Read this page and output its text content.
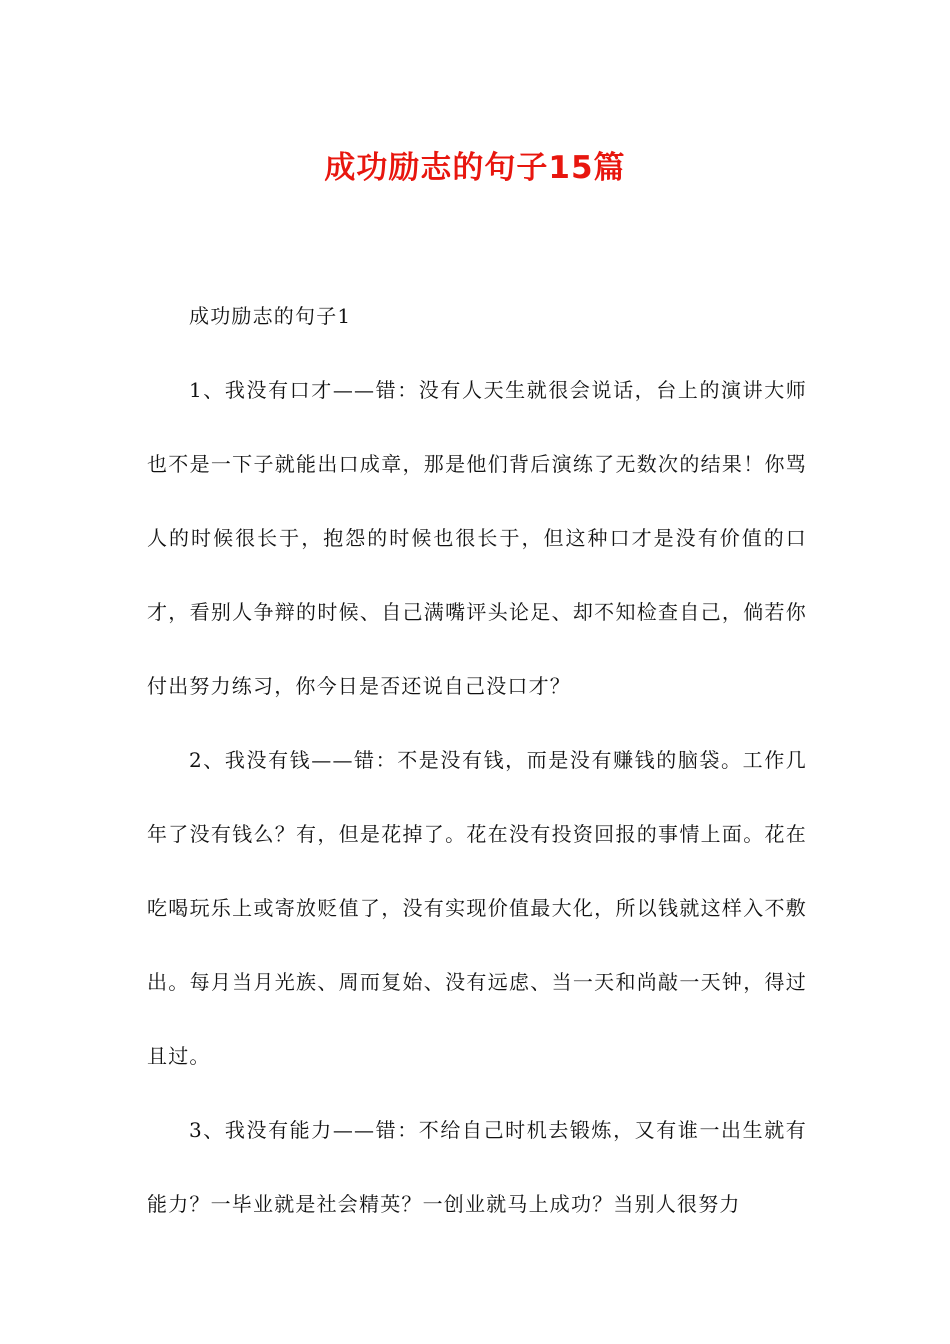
成功励志的句子15篇

成功励志的句子1

1、我没有口才——错：没有人天生就很会说话，台上的演讲大师也不是一下子就能出口成章，那是他们背后演练了无数次的结果！你骂人的时候很长于，抱怨的时候也很长于，但这种口才是没有价值的口才，看别人争辩的时候、自己满嘴评头论足、却不知检查自己，倘若你付出努力练习，你今日是否还说自己没口才？

2、我没有钱——错：不是没有钱，而是没有赚钱的脑袋。工作几年了没有钱么？有，但是花掉了。花在没有投资回报的事情上面。花在吃喝玩乐上或寄放贬值了，没有实现价值最大化，所以钱就这样入不敷出。每月当月光族、周而复始、没有远虑、当一天和尚敲一天钟，得过且过。

3、我没有能力——错：不给自己时机去锻炼，又有谁一出生就有能力？一毕业就是社会精英？一创业就马上成功？当别人很努力
